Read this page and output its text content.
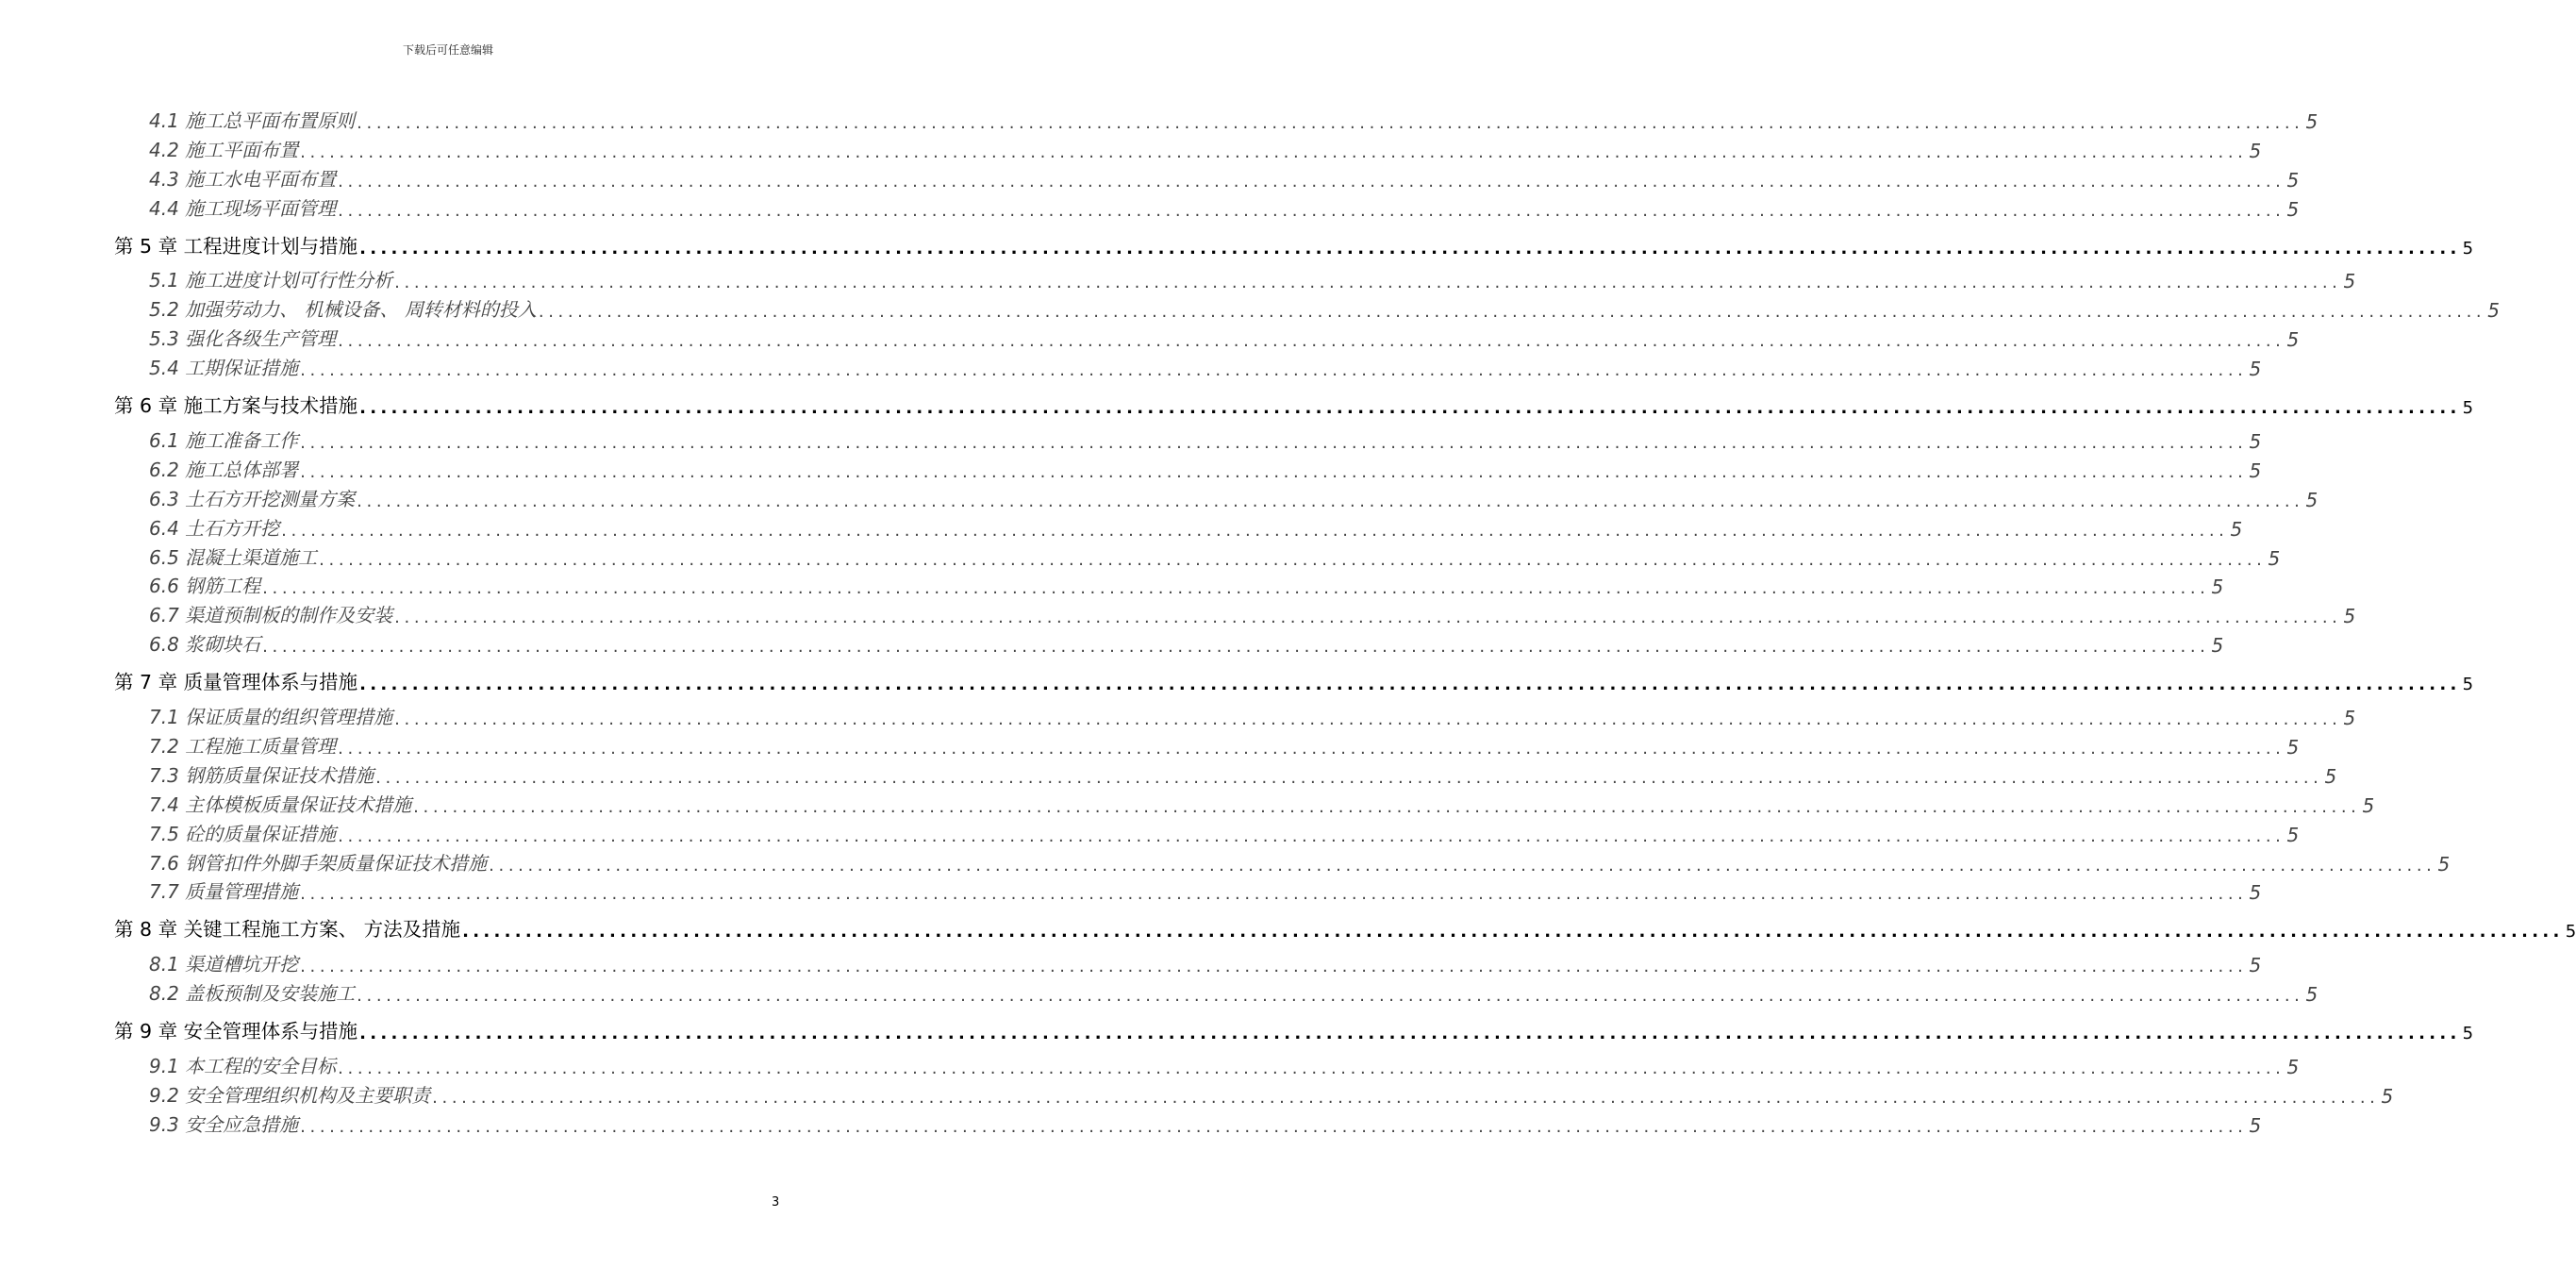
下载后可任意编辑
4.1 施工总平面布置原则 ........................................................................................................................................................................................................ 5
4.2 施工平面布置 ........................................................................................................................................................................................................ 5
4.3 施工水电平面布置 ........................................................................................................................................................................................................ 5
4.4 施工现场平面管理 ........................................................................................................................................................................................................ 5
第 5 章 工程进度计划与措施 ........................................................................................................................................................................................................ 5
5.1 施工进度计划可行性分析 ........................................................................................................................................................................................................ 5
5.2 加强劳动力、 机械设备、 周转材料的投入 ........................................................................................................................................................................................................ 5
5.3 强化各级生产管理 ........................................................................................................................................................................................................ 5
5.4 工期保证措施 ........................................................................................................................................................................................................ 5
第 6 章 施工方案与技术措施 ........................................................................................................................................................................................................ 5
6.1 施工准备工作 ........................................................................................................................................................................................................ 5
6.2 施工总体部署 ........................................................................................................................................................................................................ 5
6.3 土石方开挖测量方案 ........................................................................................................................................................................................................ 5
6.4 土石方开挖 ........................................................................................................................................................................................................ 5
6.5 混凝土渠道施工 ........................................................................................................................................................................................................ 5
6.6 钢筋工程 ........................................................................................................................................................................................................ 5
6.7 渠道预制板的制作及安装 ........................................................................................................................................................................................................ 5
6.8 浆砌块石 ........................................................................................................................................................................................................ 5
第 7 章 质量管理体系与措施 ........................................................................................................................................................................................................ 5
7.1 保证质量的组织管理措施 ........................................................................................................................................................................................................ 5
7.2 工程施工质量管理 ........................................................................................................................................................................................................ 5
7.3 钢筋质量保证技术措施 ........................................................................................................................................................................................................ 5
7.4 主体模板质量保证技术措施 ........................................................................................................................................................................................................ 5
7.5 砼的质量保证措施 ........................................................................................................................................................................................................ 5
7.6 钢管扣件外脚手架质量保证技术措施 ........................................................................................................................................................................................................ 5
7.7 质量管理措施 ........................................................................................................................................................................................................ 5
第 8 章 关键工程施工方案、 方法及措施 ........................................................................................................................................................................................................ 5
8.1 渠道槽坑开挖 ........................................................................................................................................................................................................ 5
8.2 盖板预制及安装施工 ........................................................................................................................................................................................................ 5
第 9 章 安全管理体系与措施 ........................................................................................................................................................................................................ 5
9.1 本工程的安全目标 ........................................................................................................................................................................................................ 5
9.2 安全管理组织机构及主要职责 ........................................................................................................................................................................................................ 5
9.3 安全应急措施 ........................................................................................................................................................................................................ 5
3
